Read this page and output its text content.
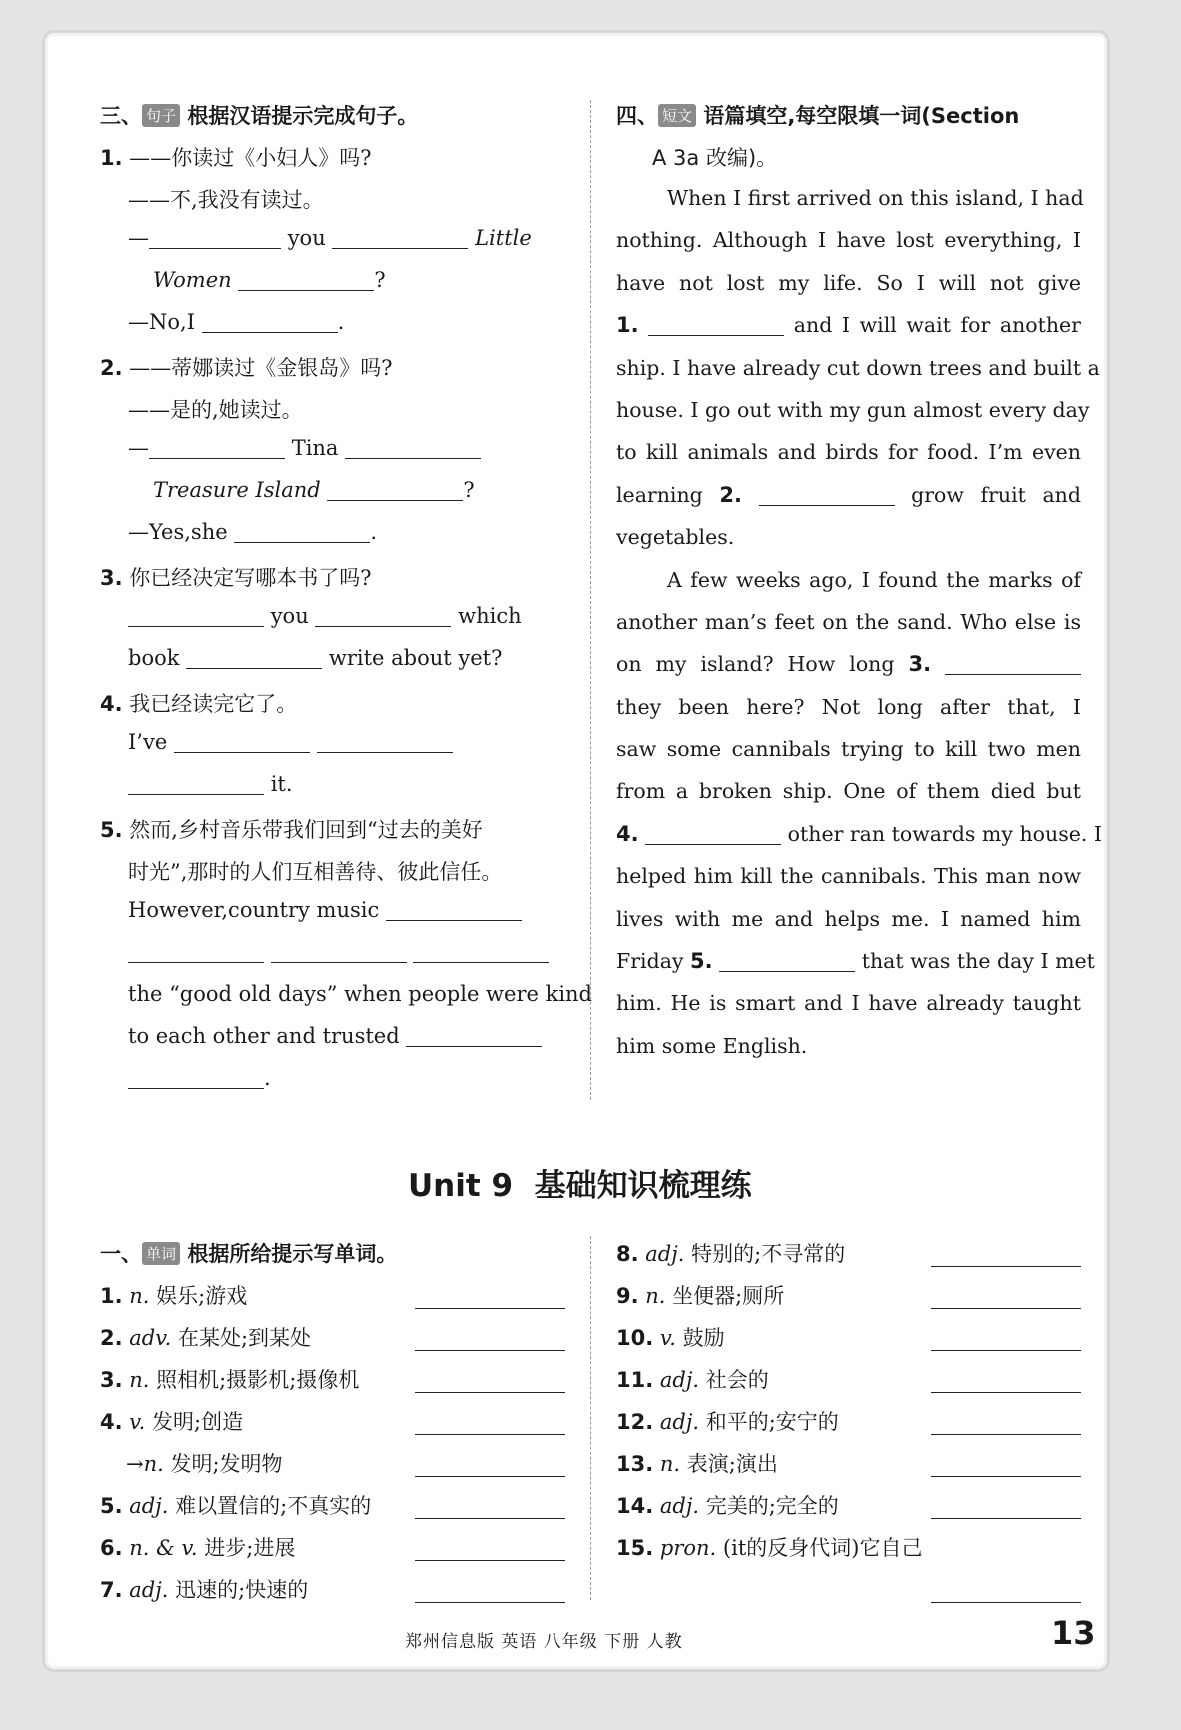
三、 句子 根据汉语提示完成句子。
1. ——你读过《小妇人》吗?
——不,我没有读过。
—	you	Little
Women	?
—No,I	.
2. ——蒂娜读过《金银岛》吗?
——是的,她读过。
—	Tina
Treasure Island	?
—Yes,she	.
3. 你已经决定写哪本书了吗?
you	which
book	write about yet?
4. 我已经读完它了。
I’ve
it.
5. 然而,乡村音乐带我们回到“过去的美好
时光”,那时的人们互相善待、彼此信任。
However,country music

the “good old days” when people were kind
to each other and trusted
.
四、 短文 语篇填空,每空限填一词(Section
A 3a 改编)。
When I first arrived on this island, I had
nothing. Although I have lost everything, I
have not lost my life. So I will not give
1.	and I will wait for another
ship. I have already cut down trees and built a
house. I go out with my gun almost every day
to kill animals and birds for food. I’m even
learning 2.	grow fruit and
vegetables.
A few weeks ago, I found the marks of
another man’s feet on the sand. Who else is
on my island? How long 3.
they been here? Not long after that, I
saw some cannibals trying to kill two men
from a broken ship. One of them died but
4.	other ran towards my house. I
helped him kill the cannibals. This man now
lives with me and helps me. I named him
Friday 5.	that was the day I met
him. He is smart and I have already taught
him some English.
Unit 9 基础知识梳理练
一、 单词 根据所给提示写单词。
1. n. 娱乐;游戏
2. adv. 在某处;到某处
3. n. 照相机;摄影机;摄像机
4. v. 发明;创造
→n. 发明;发明物
5. adj. 难以置信的;不真实的
6. n. & v. 进步;进展
7. adj. 迅速的;快速的
8. adj. 特别的;不寻常的
9. n. 坐便器;厕所
10. v. 鼓励
11. adj. 社会的
12. adj. 和平的;安宁的
13. n. 表演;演出
14. adj. 完美的;完全的
15. pron. (it的反身代词)它自己
郑州信息版 英语 八年级 下册 人教	13
